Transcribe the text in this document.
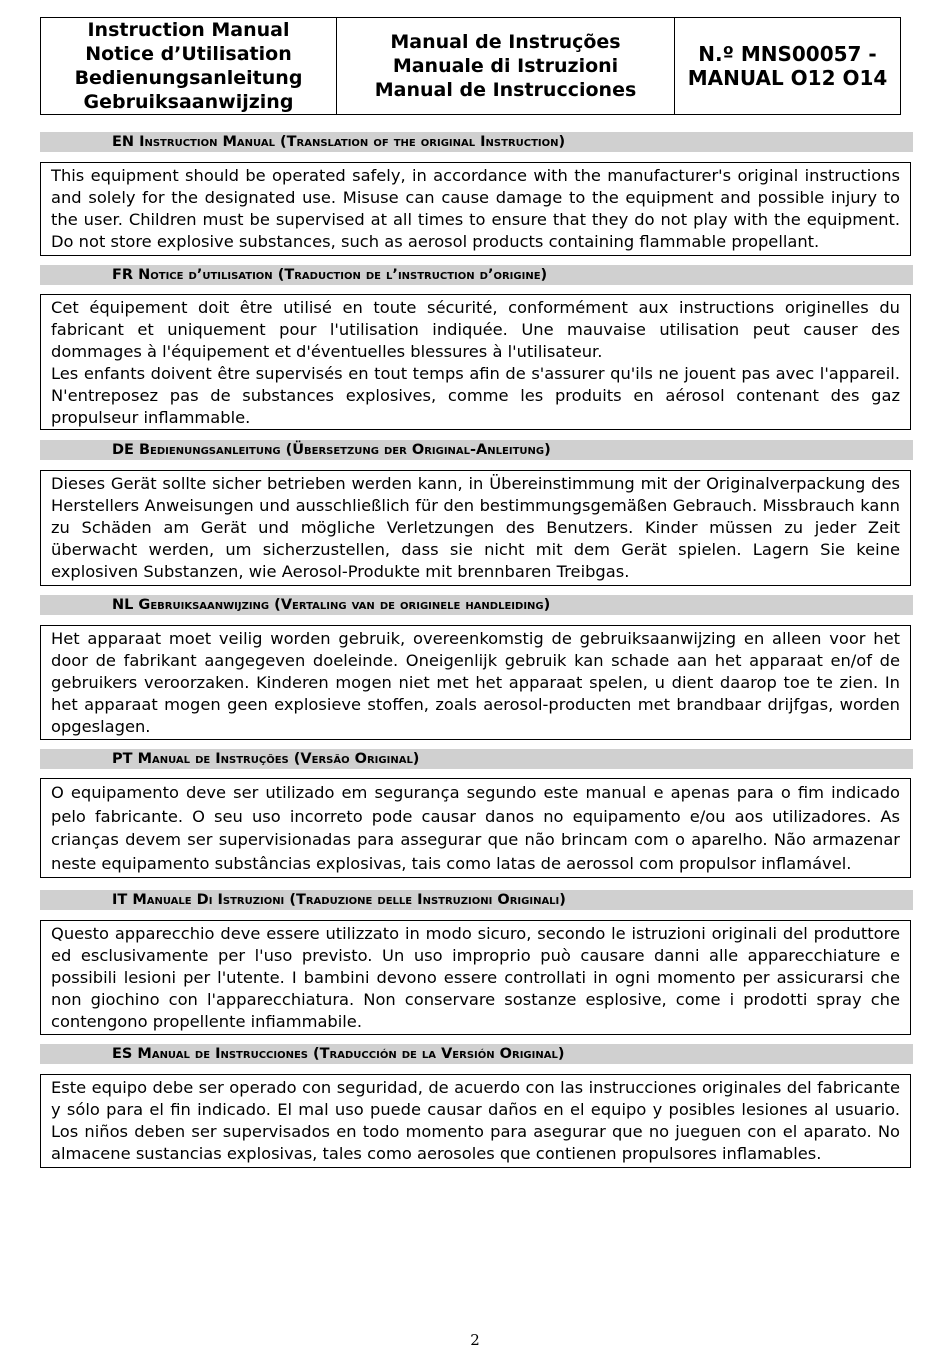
Instruction Manual
Notice d’Utilisation
Bedienungsanleitung
Gebruiksaanwijzing
Manual de Instruções
Manuale di Istruzioni
Manual de Instrucciones
N.º MNS00057 -
MANUAL O12 O14
EN Instruction Manual (Translation of the original Instruction)

This equipment should be operated safely, in accordance with the manufacturer's original instructions and solely for the designated use. Misuse can cause damage to the equipment and possible injury to the user. Children must be supervised at all times to ensure that they do not play with the equipment. Do not store explosive substances, such as aerosol products containing flammable propellant.

FR Notice d’utilisation (Traduction de l’instruction d’origine)

Cet équipement doit être utilisé en toute sécurité, conformément aux instructions originelles du fabricant et uniquement pour l'utilisation indiquée. Une mauvaise utilisation peut causer des dommages à l'équipement et d'éventuelles blessures à l'utilisateur.

Les enfants doivent être supervisés en tout temps afin de s'assurer qu'ils ne jouent pas avec l'appareil. N'entreposez pas de substances explosives, comme les produits en aérosol contenant des gaz propulseur inflammable.

DE Bedienungsanleitung (Übersetzung der Original-Anleitung)

Dieses Gerät sollte sicher betrieben werden kann, in Übereinstimmung mit der Originalverpackung des Herstellers Anweisungen und ausschließlich für den bestimmungsgemäßen Gebrauch. Missbrauch kann zu Schäden am Gerät und mögliche Verletzungen des Benutzers. Kinder müssen zu jeder Zeit überwacht werden, um sicherzustellen, dass sie nicht mit dem Gerät spielen. Lagern Sie keine explosiven Substanzen, wie Aerosol-Produkte mit brennbaren Treibgas.

NL Gebruiksaanwijzing (Vertaling van de originele handleiding)

Het apparaat moet veilig worden gebruik, overeenkomstig de gebruiksaanwijzing en alleen voor het door de fabrikant aangegeven doeleinde. Oneigenlijk gebruik kan schade aan het apparaat en/of de gebruikers veroorzaken. Kinderen mogen niet met het apparaat spelen, u dient daarop toe te zien. In het apparaat mogen geen explosieve stoffen, zoals aerosol-producten met brandbaar drijfgas, worden opgeslagen.

PT Manual de Instruções (Versão Original)

O equipamento deve ser utilizado em segurança segundo este manual e apenas para o fim indicado pelo fabricante. O seu uso incorreto pode causar danos no equipamento e/ou aos utilizadores. As crianças devem ser supervisionadas para assegurar que não brincam com o aparelho. Não armazenar neste equipamento substâncias explosivas, tais como latas de aerossol com propulsor inflamável.

IT Manuale Di Istruzioni (Traduzione delle Instruzioni Originali)

Questo apparecchio deve essere utilizzato in modo sicuro, secondo le istruzioni originali del produttore ed esclusivamente per l'uso previsto. Un uso improprio può causare danni alle apparecchiature e possibili lesioni per l'utente. I bambini devono essere controllati in ogni momento per assicurarsi che non giochino con l'apparecchiatura. Non conservare sostanze esplosive, come i prodotti spray che contengono propellente infiammabile.

ES Manual de Instrucciones (Traducción de la Versión Original)

Este equipo debe ser operado con seguridad, de acuerdo con las instrucciones originales del fabricante y sólo para el fin indicado. El mal uso puede causar daños en el equipo y posibles lesiones al usuario. Los niños deben ser supervisados en todo momento para asegurar que no jueguen con el aparato. No almacene sustancias explosivas, tales como aerosoles que contienen propulsores inflamables.

2
